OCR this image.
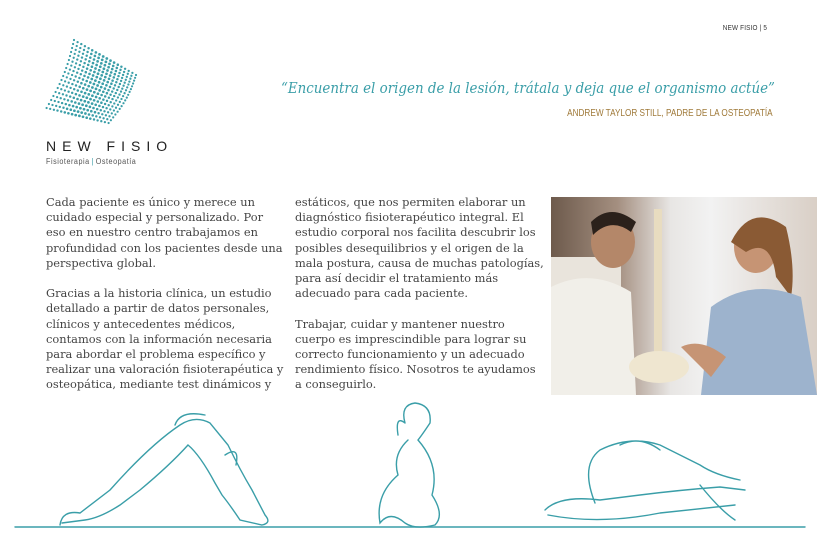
NEW FISIO | 5
NEW FISIO
Fisioterapia | Osteopatía
“Encuentra el origen de la lesión, trátala y deja que el organismo actúe”
ANDREW TAYLOR STILL, PADRE DE LA OSTEOPATÍA

Cada paciente es único y merece un
cuidado especial y personalizado. Por
eso en nuestro centro trabajamos en
profundidad con los pacientes desde una
perspectiva global.

Gracias a la historia clínica, un estudio
detallado a partir de datos personales,
clínicos y antecedentes médicos,
contamos con la información necesaria
para abordar el problema específico y
realizar una valoración fisioterapéutica y
osteopática, mediante test dinámicos y

estáticos, que nos permiten elaborar un
diagnóstico fisioterapéutico integral. El
estudio corporal nos facilita descubrir los
posibles desequilibrios y el origen de la
mala postura, causa de muchas patologías,
para así decidir el tratamiento más
adecuado para cada paciente.

Trabajar, cuidar y mantener nuestro
cuerpo es imprescindible para lograr su
correcto funcionamiento y un adecuado
rendimiento físico. Nosotros te ayudamos
a conseguirlo.
